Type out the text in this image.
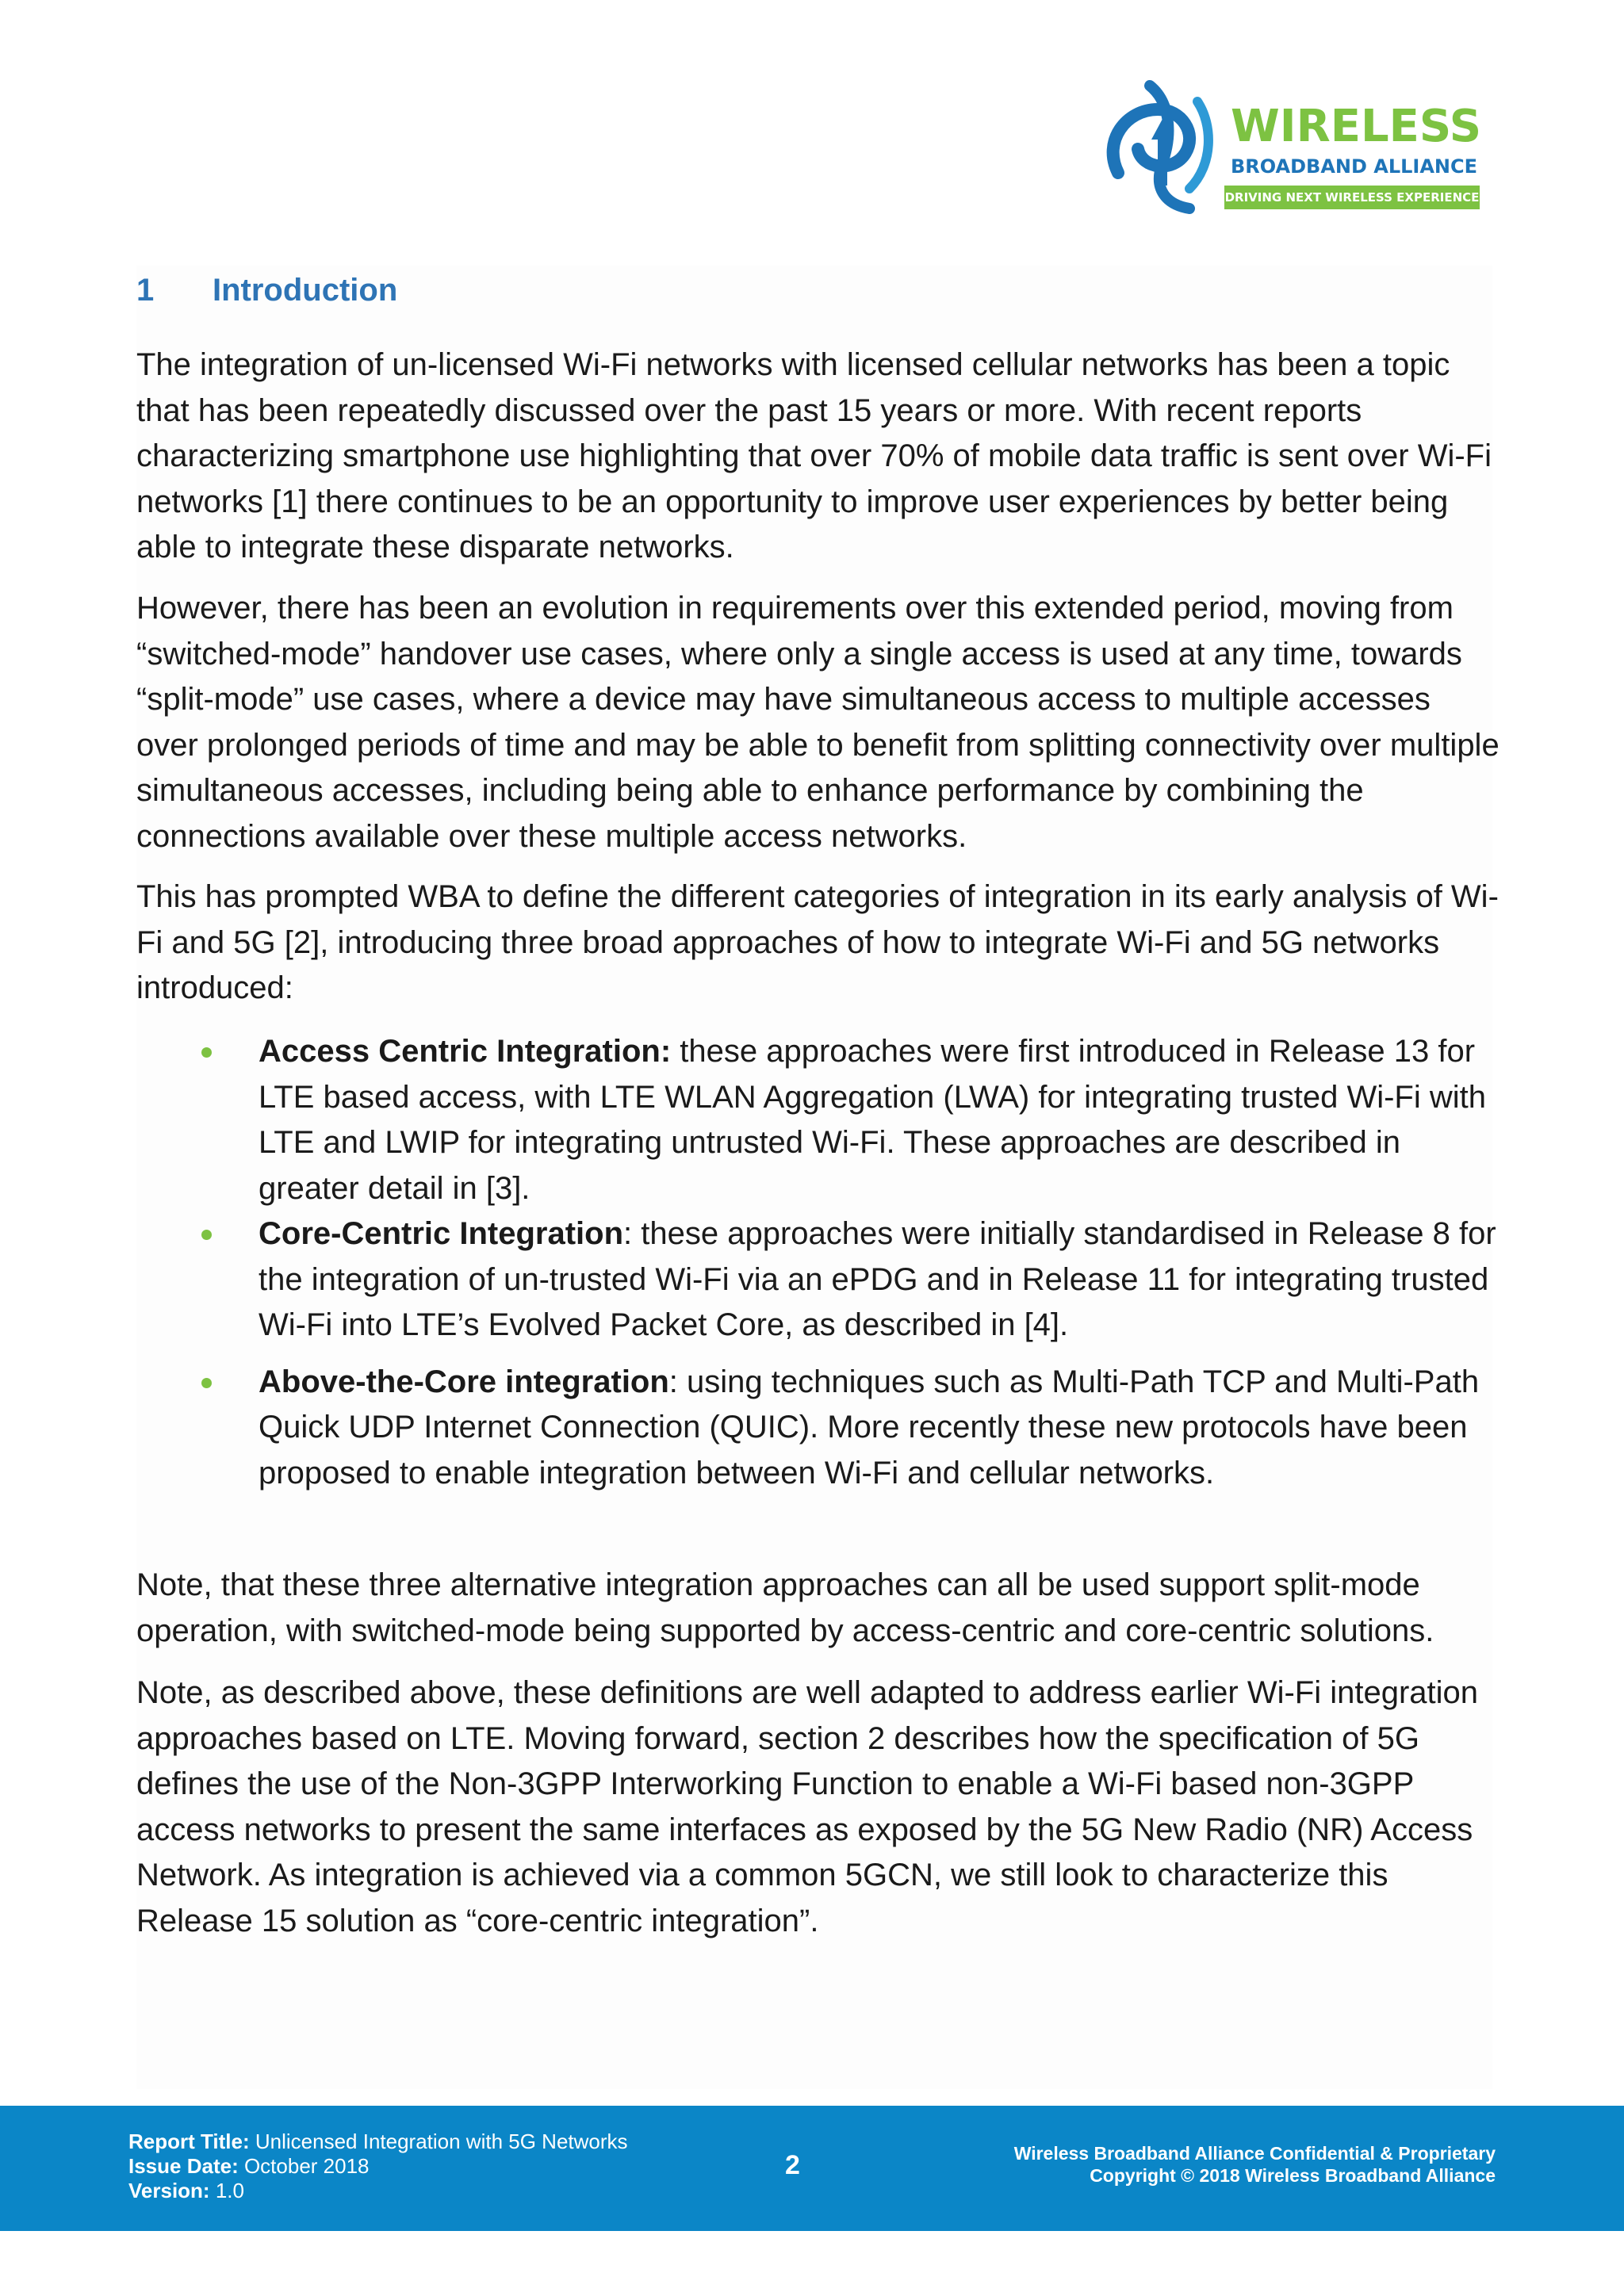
WIRELESS
BROADBAND ALLIANCE
DRIVING NEXT WIRELESS EXPERIENCE
1 Introduction

The integration of un-licensed Wi-Fi networks with licensed cellular networks has been a topic that has been repeatedly discussed over the past 15 years or more. With recent reports characterizing smartphone use highlighting that over 70% of mobile data traffic is sent over Wi-Fi networks [1] there continues to be an opportunity to improve user experiences by better being able to integrate these disparate networks.

However, there has been an evolution in requirements over this extended period, moving from “switched-mode” handover use cases, where only a single access is used at any time, towards “split-mode” use cases, where a device may have simultaneous access to multiple accesses over prolonged periods of time and may be able to benefit from splitting connectivity over multiple simultaneous accesses, including being able to enhance performance by combining the connections available over these multiple access networks.

This has prompted WBA to define the different categories of integration in its early analysis of Wi-Fi and 5G [2], introducing three broad approaches of how to integrate Wi-Fi and 5G networks introduced:

Access Centric Integration: these approaches were first introduced in Release 13 for LTE based access, with LTE WLAN Aggregation (LWA) for integrating trusted Wi-Fi with LTE and LWIP for integrating untrusted Wi-Fi. These approaches are described in greater detail in [3].
Core-Centric Integration: these approaches were initially standardised in Release 8 for the integration of un-trusted Wi-Fi via an ePDG and in Release 11 for integrating trusted Wi-Fi into LTE’s Evolved Packet Core, as described in [4].
Above-the-Core integration: using techniques such as Multi-Path TCP and Multi-Path Quick UDP Internet Connection (QUIC). More recently these new protocols have been proposed to enable integration between Wi-Fi and cellular networks.

Note, that these three alternative integration approaches can all be used support split-mode operation, with switched-mode being supported by access-centric and core-centric solutions.

Note, as described above, these definitions are well adapted to address earlier Wi-Fi integration approaches based on LTE. Moving forward, section 2 describes how the specification of 5G defines the use of the Non-3GPP Interworking Function to enable a Wi-Fi based non-3GPP access networks to present the same interfaces as exposed by the 5G New Radio (NR) Access Network. As integration is achieved via a common 5GCN, we still look to characterize this Release 15 solution as “core-centric integration”.

Report Title: Unlicensed Integration with 5G Networks
Issue Date: October 2018
Version: 1.0
2	Wireless Broadband Alliance Confidential & Proprietary
Copyright © 2018 Wireless Broadband Alliance
